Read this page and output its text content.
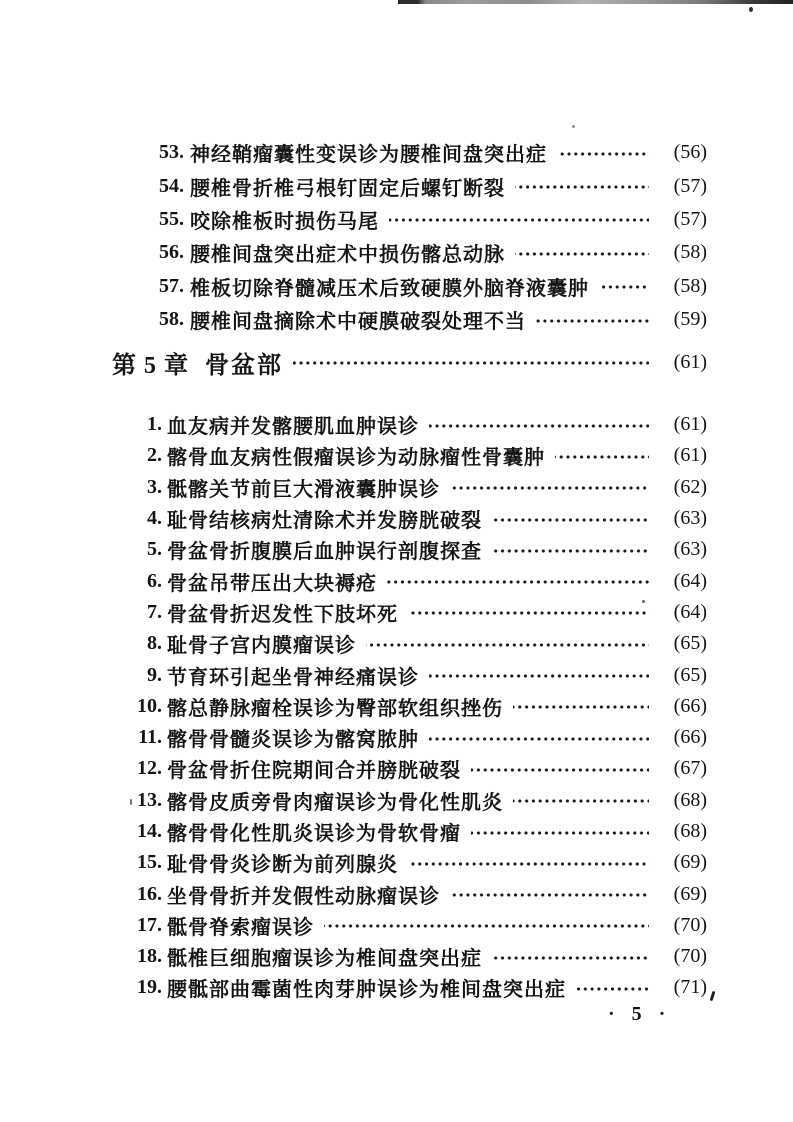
53. 神经鞘瘤囊性变误诊为腰椎间盘突出症	(56)
54. 腰椎骨折椎弓根钉固定后螺钉断裂	(57)
55. 咬除椎板时损伤马尾	(57)
56. 腰椎间盘突出症术中损伤髂总动脉	(58)
57. 椎板切除脊髓减压术后致硬膜外脑脊液囊肿	(58)
58. 腰椎间盘摘除术中硬膜破裂处理不当	(59)
第 5 章 骨盆部	(61)
1. 血友病并发髂腰肌血肿误诊	(61)
2. 髂骨血友病性假瘤误诊为动脉瘤性骨囊肿	(61)
3. 骶髂关节前巨大滑液囊肿误诊	(62)
4. 耻骨结核病灶清除术并发膀胱破裂	(63)
5. 骨盆骨折腹膜后血肿误行剖腹探查	(63)
6. 骨盆吊带压出大块褥疮	(64)
7. 骨盆骨折迟发性下肢坏死	(64)
8. 耻骨子宫内膜瘤误诊	(65)
9. 节育环引起坐骨神经痛误诊	(65)
10. 髂总静脉瘤栓误诊为臀部软组织挫伤	(66)
11. 髂骨骨髓炎误诊为髂窝脓肿	(66)
12. 骨盆骨折住院期间合并膀胱破裂	(67)
13. 髂骨皮质旁骨肉瘤误诊为骨化性肌炎	(68)
14. 髂骨骨化性肌炎误诊为骨软骨瘤	(68)
15. 耻骨骨炎诊断为前列腺炎	(69)
16. 坐骨骨折并发假性动脉瘤误诊	(69)
17. 骶骨脊索瘤误诊	(70)
18. 骶椎巨细胞瘤误诊为椎间盘突出症	(70)
19. 腰骶部曲霉菌性肉芽肿误诊为椎间盘突出症	(71)
· 5 ·
